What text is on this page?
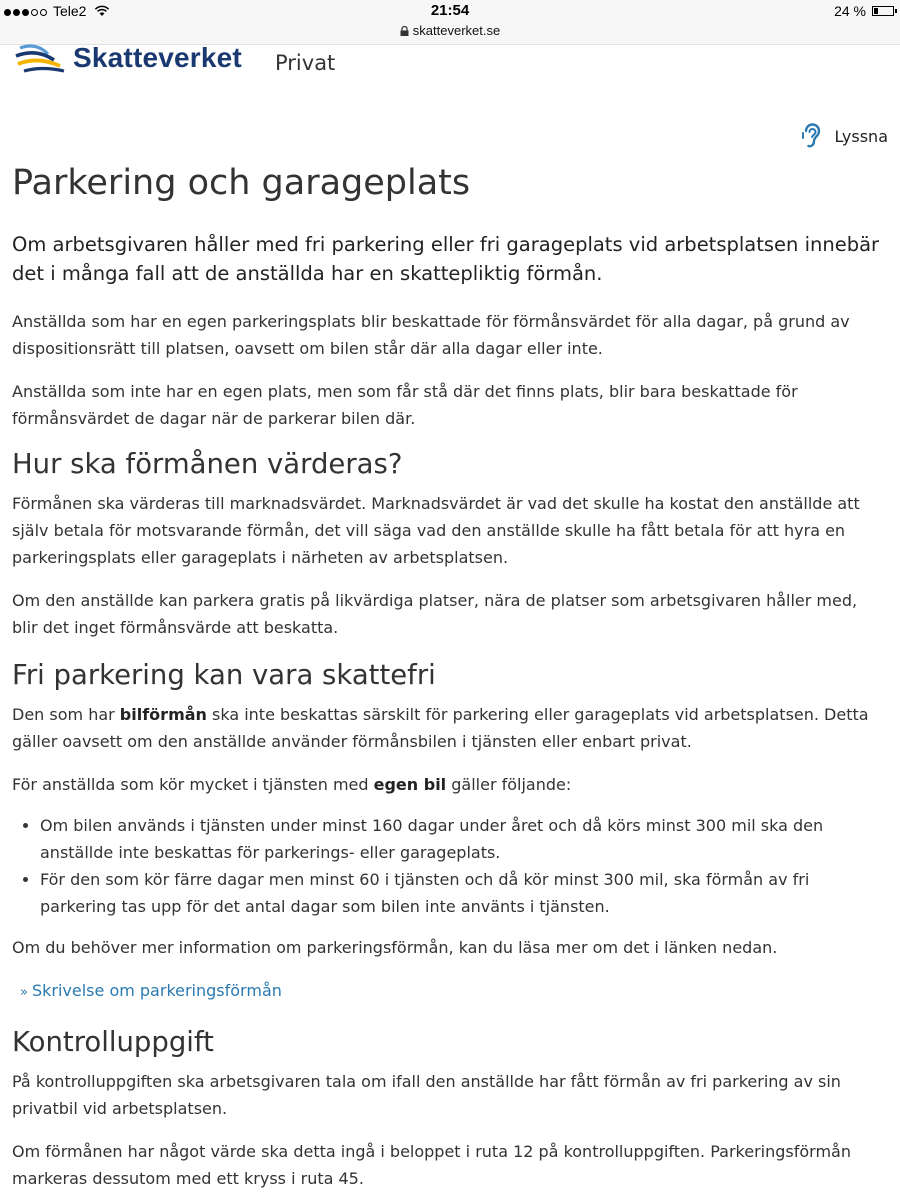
Tele2	21:54	24 %
skatteverket.se
Skatteverket Privat
Lyssna
Parkering och garageplats

Om arbetsgivaren håller med fri parkering eller fri garageplats vid arbetsplatsen innebär det i många fall att de anställda har en skattepliktig förmån.

Anställda som har en egen parkeringsplats blir beskattade för förmånsvärdet för alla dagar, på grund av dispositionsrätt till platsen, oavsett om bilen står där alla dagar eller inte.

Anställda som inte har en egen plats, men som får stå där det finns plats, blir bara beskattade för förmånsvärdet de dagar när de parkerar bilen där.

Hur ska förmånen värderas?

Förmånen ska värderas till marknadsvärdet. Marknadsvärdet är vad det skulle ha kostat den anställde att själv betala för motsvarande förmån, det vill säga vad den anställde skulle ha fått betala för att hyra en parkeringsplats eller garageplats i närheten av arbetsplatsen.

Om den anställde kan parkera gratis på likvärdiga platser, nära de platser som arbetsgivaren håller med, blir det inget förmånsvärde att beskatta.

Fri parkering kan vara skattefri

Den som har bilförmån ska inte beskattas särskilt för parkering eller garageplats vid arbetsplatsen. Detta gäller oavsett om den anställde använder förmånsbilen i tjänsten eller enbart privat.

För anställda som kör mycket i tjänsten med egen bil gäller följande:

• Om bilen används i tjänsten under minst 160 dagar under året och då körs minst 300 mil ska den anställde inte beskattas för parkerings- eller garageplats.
• För den som kör färre dagar men minst 60 i tjänsten och då kör minst 300 mil, ska förmån av fri parkering tas upp för det antal dagar som bilen inte använts i tjänsten.

Om du behöver mer information om parkeringsförmån, kan du läsa mer om det i länken nedan.

» Skrivelse om parkeringsförmån
Kontrolluppgift

På kontrolluppgiften ska arbetsgivaren tala om ifall den anställde har fått förmån av fri parkering av sin privatbil vid arbetsplatsen.

Om förmånen har något värde ska detta ingå i beloppet i ruta 12 på kontrolluppgiften. Parkeringsförmån markeras dessutom med ett kryss i ruta 45.
